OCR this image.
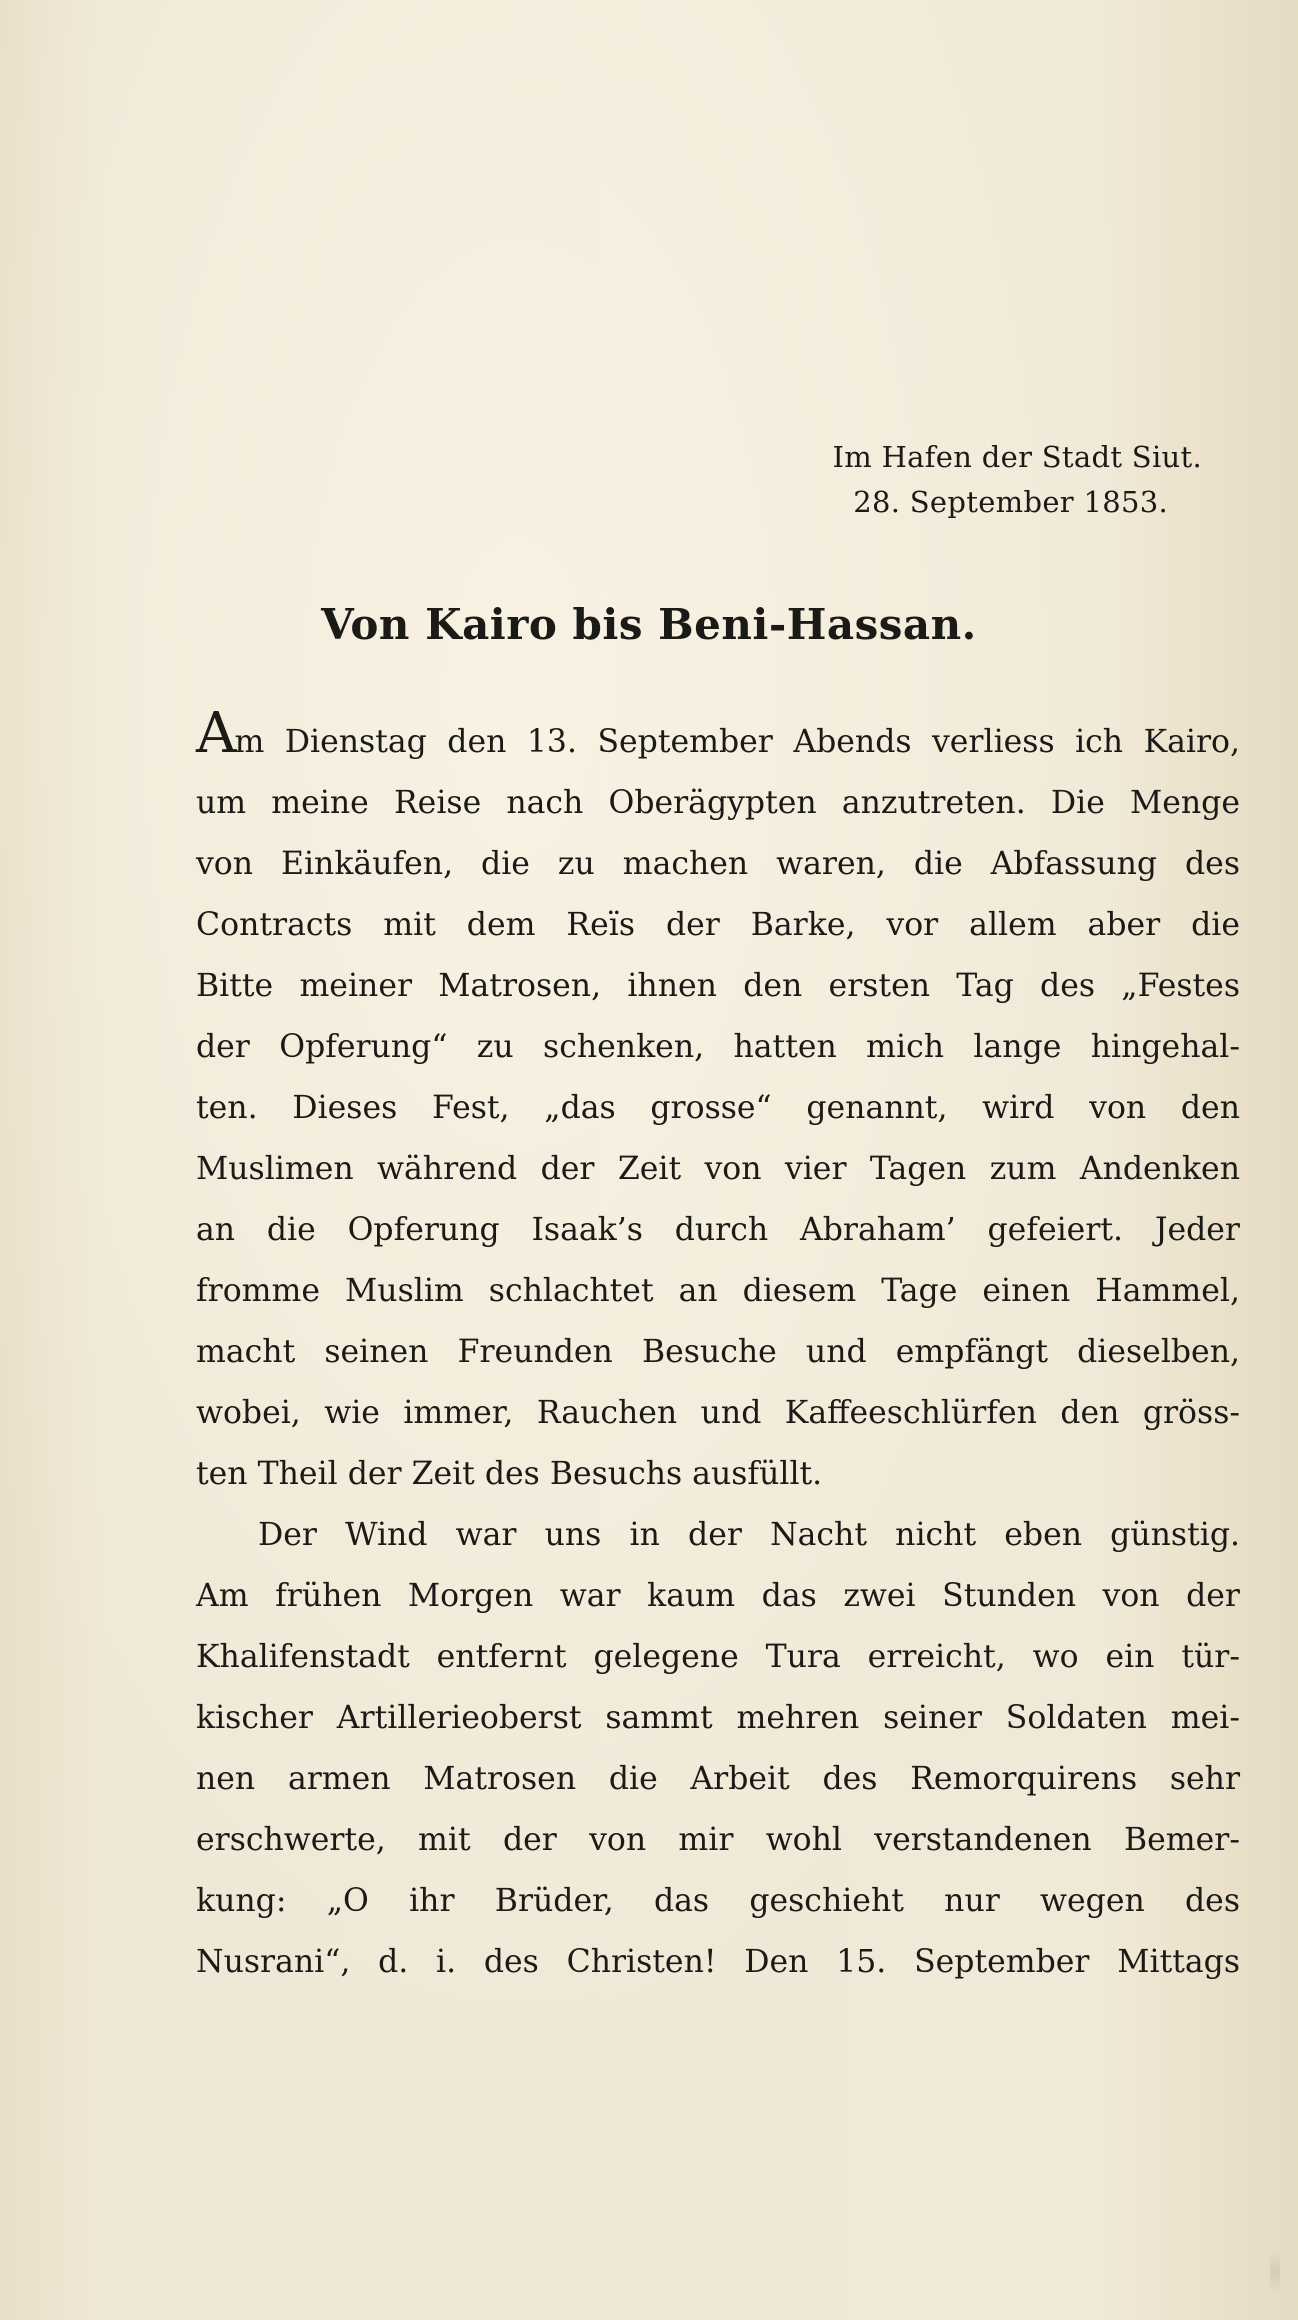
Im Hafen der Stadt Siut.
28. September 1853.
Von Kairo bis Beni-Hassan.
Am Dienstag den 13. September Abends verliess ich Kairo,
um meine Reise nach Oberägypten anzutreten. Die Menge
von Einkäufen, die zu machen waren, die Abfassung des
Contracts mit dem Reïs der Barke, vor allem aber die
Bitte meiner Matrosen, ihnen den ersten Tag des „Festes
der Opferung“ zu schenken, hatten mich lange hingehal-
ten. Dieses Fest, „das grosse“ genannt, wird von den
Muslimen während der Zeit von vier Tagen zum Andenken
an die Opferung Isaak’s durch Abraham’ gefeiert. Jeder
fromme Muslim schlachtet an diesem Tage einen Hammel,
macht seinen Freunden Besuche und empfängt dieselben,
wobei, wie immer, Rauchen und Kaffeeschlürfen den gröss-
ten Theil der Zeit des Besuchs ausfüllt.
Der Wind war uns in der Nacht nicht eben günstig.
Am frühen Morgen war kaum das zwei Stunden von der
Khalifenstadt entfernt gelegene Tura erreicht, wo ein tür-
kischer Artillerieoberst sammt mehren seiner Soldaten mei-
nen armen Matrosen die Arbeit des Remorquirens sehr
erschwerte, mit der von mir wohl verstandenen Bemer-
kung: „O ihr Brüder, das geschieht nur wegen des
Nusrani“, d. i. des Christen! Den 15. September Mittags
